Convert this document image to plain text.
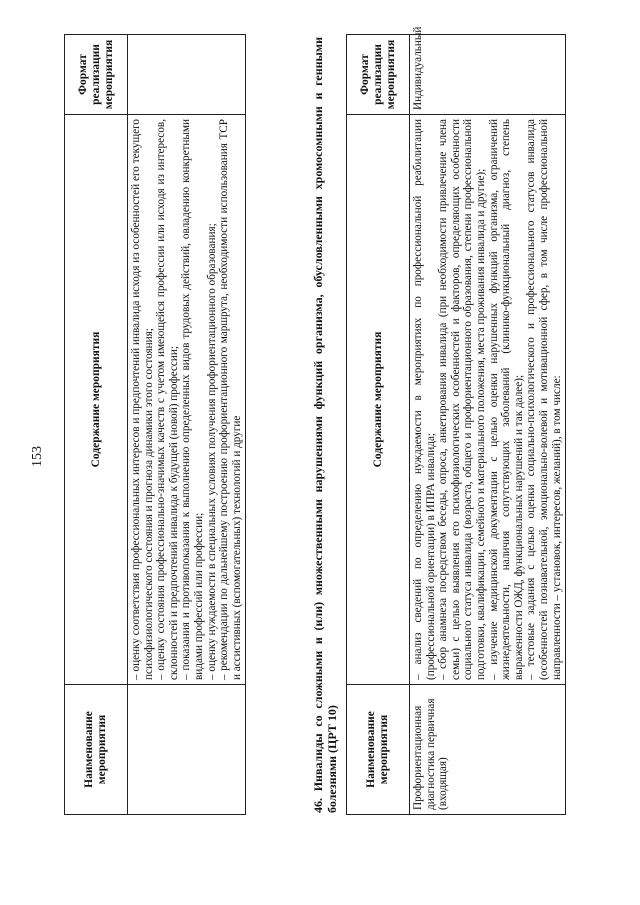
153
Наименование мероприятия	Содержание мероприятия	Формат реализации мероприятия

	– оценку соответствия профессиональных интересов и предпочтений инвалида исходя из особенностей его текущего психофизиологического состояния и прогноза динамики этого состояния; – оценку состояния профессионально-значимых качеств с учетом имеющейся профессии или исходя из интересов, склонностей и предпочтений инвалида к будущей (новой) профессии; – показания и противопоказания к выполнению определенных видов трудовых действий, овладению конкретными видами профессий или профессии; – оценку нуждаемости в специальных условиях получения профориентационного образования; – рекомендации по дальнейшему построению профориентационного маршрута, необходимости использования ТСР и ассистивных (вспомогательных) технологий и другие	

		46. Инвалиды со сложными и (или) множественными нарушениями функций организма, обусловленными хромосомными и генными болезнями (ЦРТ 10) Наименование мероприятия	Содержание мероприятия	Формат реализации мероприятия
Профориентационная диагностика первичная (входящая)	– анализ сведений по определению нуждаемости в мероприятиях по профессиональной реабилитации (профессиональной ориентации) в ИПРА инвалида; – сбор анамнеза посредством беседы, опроса, анкетирования инвалида (при необходимости привлечение члена семьи) с целью выявления его психофизиологических особенностей и факторов, определяющих особенности социального статуса инвалида (возраста, общего и профориентационного образования, степени профессиональной подготовки, квалификации, семейного и материального положения, места проживания инвалида и другие); – изучение медицинской документации с целью оценки нарушенных функций организма, ограничений жизнедеятельности, наличия сопутствующих заболеваний (клинико-функциональный диагноз, степень выраженности ОЖД, функциональных нарушений и так далее); – тестовые задания с целью оценки социально-психологического и профессионального статусов инвалида (особенностей познавательной, эмоционально-волевой и мотивационной сфер, в том числе профессиональной направленности – установок, интересов, желаний), в том числе:	Индивидуальный
